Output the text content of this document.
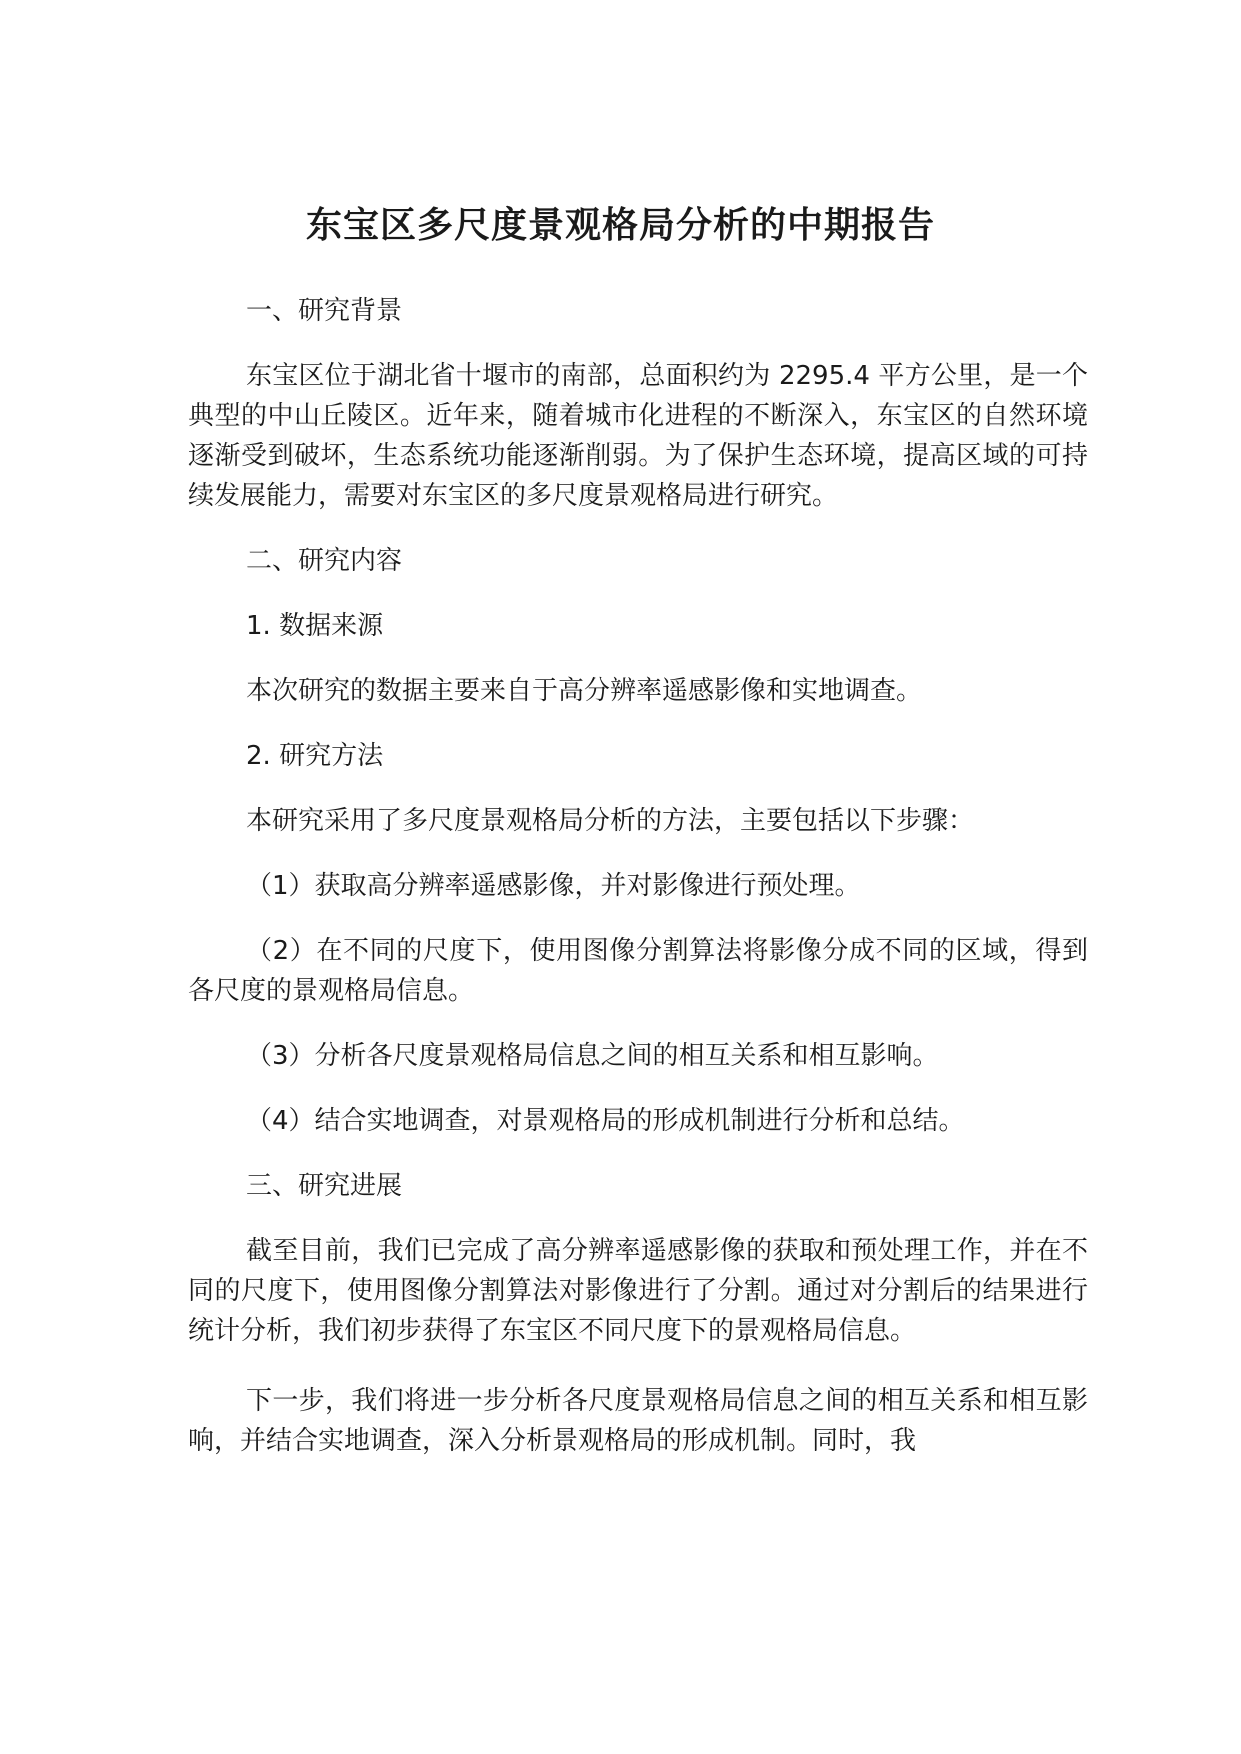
东宝区多尺度景观格局分析的中期报告

一、研究背景

东宝区位于湖北省十堰市的南部，总面积约为 2295.4 平方公里，是一个典型的中山丘陵区。近年来，随着城市化进程的不断深入，东宝区的自然环境逐渐受到破坏，生态系统功能逐渐削弱。为了保护生态环境，提高区域的可持续发展能力，需要对东宝区的多尺度景观格局进行研究。

二、研究内容

1. 数据来源

本次研究的数据主要来自于高分辨率遥感影像和实地调查。

2. 研究方法

本研究采用了多尺度景观格局分析的方法，主要包括以下步骤：

（1）获取高分辨率遥感影像，并对影像进行预处理。

（2）在不同的尺度下，使用图像分割算法将影像分成不同的区域，得到各尺度的景观格局信息。

（3）分析各尺度景观格局信息之间的相互关系和相互影响。

（4）结合实地调查，对景观格局的形成机制进行分析和总结。

三、研究进展

截至目前，我们已完成了高分辨率遥感影像的获取和预处理工作，并在不同的尺度下，使用图像分割算法对影像进行了分割。通过对分割后的结果进行统计分析，我们初步获得了东宝区不同尺度下的景观格局信息。

下一步，我们将进一步分析各尺度景观格局信息之间的相互关系和相互影响，并结合实地调查，深入分析景观格局的形成机制。同时，我
